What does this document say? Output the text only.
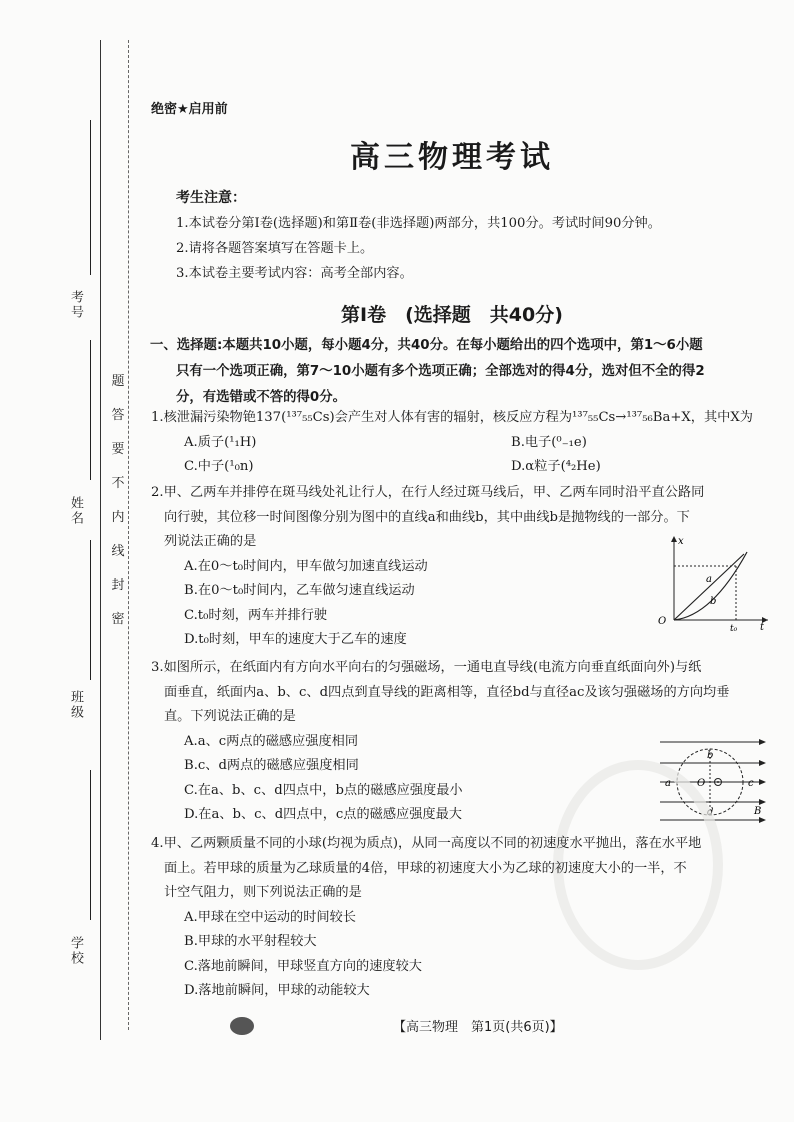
考号
姓名
班级
学校
题
答
要
不
内
线
封
密
绝密★启用前
高三物理考试
考生注意：
1.本试卷分第Ⅰ卷(选择题)和第Ⅱ卷(非选择题)两部分，共100分。考试时间90分钟。
2.请将各题答案填写在答题卡上。
3.本试卷主要考试内容：高考全部内容。
第Ⅰ卷　(选择题　共40分)
一、选择题:本题共10小题，每小题4分，共40分。在每小题给出的四个选项中，第1～6小题

只有一个选项正确，第7～10小题有多个选项正确；全部选对的得4分，选对但不全的得2
分，有选错或不答的得0分。
1.核泄漏污染物铯137(¹³⁷₅₅Cs)会产生对人体有害的辐射，核反应方程为¹³⁷₅₅Cs→¹³⁷₅₆Ba+X，其中X为
A.质子(¹₁H)	B.电子(⁰₋₁e)
C.中子(¹₀n)	D.α粒子(⁴₂He)
2.甲、乙两车并排停在斑马线处礼让行人，在行人经过斑马线后，甲、乙两车同时沿平直公路同
向行驶，其位移一时间图像分别为图中的直线a和曲线b，其中曲线b是抛物线的一部分。下
列说法正确的是
A.在0～t₀时间内，甲车做匀加速直线运动
B.在0～t₀时间内，乙车做匀速直线运动
C.t₀时刻，两车并排行驶
D.t₀时刻，甲车的速度大于乙车的速度
x
t
O
t₀
a
b
3.如图所示，在纸面内有方向水平向右的匀强磁场，一通电直导线(电流方向垂直纸面向外)与纸
面垂直，纸面内a、b、c、d四点到直导线的距离相等，直径bd与直径ac及该匀强磁场的方向均垂
直。下列说法正确的是
A.a、c两点的磁感应强度相同
B.c、d两点的磁感应强度相同
C.在a、b、c、d四点中，b点的磁感应强度最小
D.在a、b、c、d四点中，c点的磁感应强度最大
a
b
c
d
O
B
4.甲、乙两颗质量不同的小球(均视为质点)，从同一高度以不同的初速度水平抛出，落在水平地
面上。若甲球的质量为乙球质量的4倍，甲球的初速度大小为乙球的初速度大小的一半，不
计空气阻力，则下列说法正确的是
A.甲球在空中运动的时间较长
B.甲球的水平射程较大
C.落地前瞬间，甲球竖直方向的速度较大
D.落地前瞬间，甲球的动能较大
【高三物理　第1页(共6页)】
